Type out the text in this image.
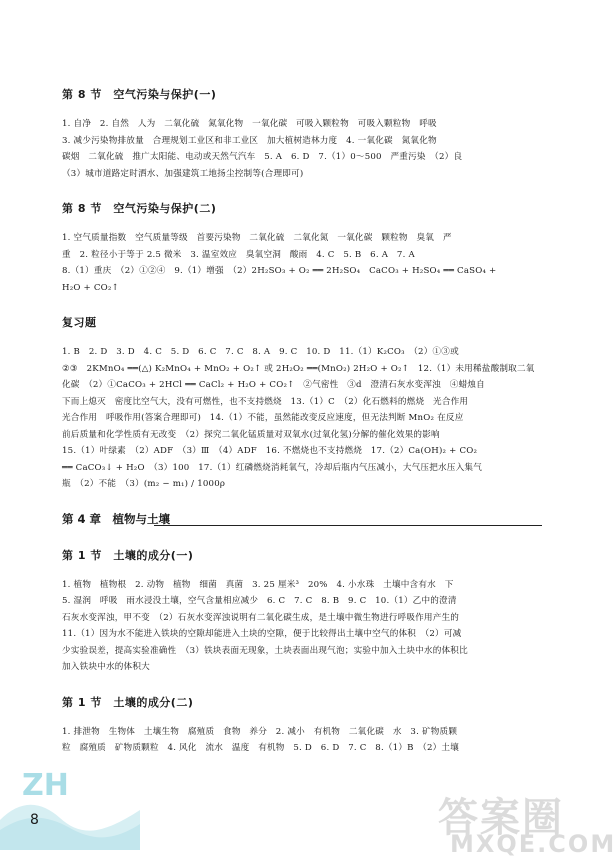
第 8 节　空气污染与保护(一)
1. 自净　2. 自然　人为　二氧化硫　氮氧化物　一氧化碳　可吸入颗粒物　可吸入颗粒物　呼吸
3. 减少污染物排放量　合理规划工业区和非工业区　加大植树造林力度　4. 一氧化碳　氮氧化物
碳烟　二氧化硫　推广太阳能、电动或天然气汽车　5. A　6. D　7.（1）0～500　严重污染　（2）良
（3）城市道路定时洒水、加强建筑工地扬尘控制等(合理即可)
第 8 节　空气污染与保护(二)
1. 空气质量指数　空气质量等级　首要污染物　二氧化硫　二氧化氮　一氧化碳　颗粒物　臭氧　严
重　2. 粒径小于等于 2.5 微米　3. 温室效应　臭氧空洞　酸雨　4. C　5. B　6. A　7. A
8.（1）重庆　（2）①②④　9.（1）增强　（2）2H₂SO₃ + O₂ ══ 2H₂SO₄　CaCO₃ + H₂SO₄ ══ CaSO₄ +
H₂O + CO₂↑
复习题
1. B　2. D　3. D　4. C　5. D　6. C　7. C　8. A　9. C　10. D　11.（1）K₂CO₃　（2）①③或
②③　2KMnO₄ ══(△) K₂MnO₄ + MnO₂ + O₂↑ 或 2H₂O₂ ══(MnO₂) 2H₂O + O₂↑　12.（1）未用稀盐酸制取二氧
化碳　（2）①CaCO₃ + 2HCl ══ CaCl₂ + H₂O + CO₂↑　②气密性　③d　澄清石灰水变浑浊　④蜡烛自
下而上熄灭　密度比空气大，没有可燃性，也不支持燃烧　13.（1）C　（2）化石燃料的燃烧　光合作用
光合作用　呼吸作用(答案合理即可)　14.（1）不能，虽然能改变反应速度，但无法判断 MnO₂ 在反应
前后质量和化学性质有无改变　（2）探究二氧化锰质量对双氧水(过氧化氢)分解的催化效果的影响
15.（1）叶绿素　（2）ADF　（3）Ⅲ　（4）ADF　16. 不燃烧也不支持燃烧　17.（2）Ca(OH)₂ + CO₂
══ CaCO₃↓ + H₂O　（3）100　17.（1）红磷燃烧消耗氧气，冷却后瓶内气压减小，大气压把水压入集气
瓶　（2）不能　（3）(m₂ − m₁) / 1000ρ
第 4 章　植物与土壤
第 1 节　土壤的成分(一)
1. 植物　植物根　2. 动物　植物　细菌　真菌　3. 25 厘米³　20%　4. 小水珠　土壤中含有水　下
5. 湿润　呼吸　雨水浸没土壤，空气含量相应减少　6. C　7. C　8. B　9. C　10.（1）乙中的澄清
石灰水变浑浊，甲不变　（2）石灰水变浑浊说明有二氧化碳生成，是土壤中微生物进行呼吸作用产生的
11.（1）因为水不能进入铁块的空隙却能进入土块的空隙，便于比较得出土壤中空气的体积　（2）可减
少实验误差，提高实验准确性　（3）铁块表面无现象，土块表面出现气泡；实验中加入土块中水的体积比
加入铁块中水的体积大
第 1 节　土壤的成分(二)
1. 排泄物　生物体　土壤生物　腐殖质　食物　养分　2. 减小　有机物　二氧化碳　水　3. 矿物质颗
粒　腐殖质　矿物质颗粒　4. 风化　流水　温度　有机物　5. D　6. D　7. C　8.（1）B　（2）土壤
ZH
8	答案圈
MXQE.COM
